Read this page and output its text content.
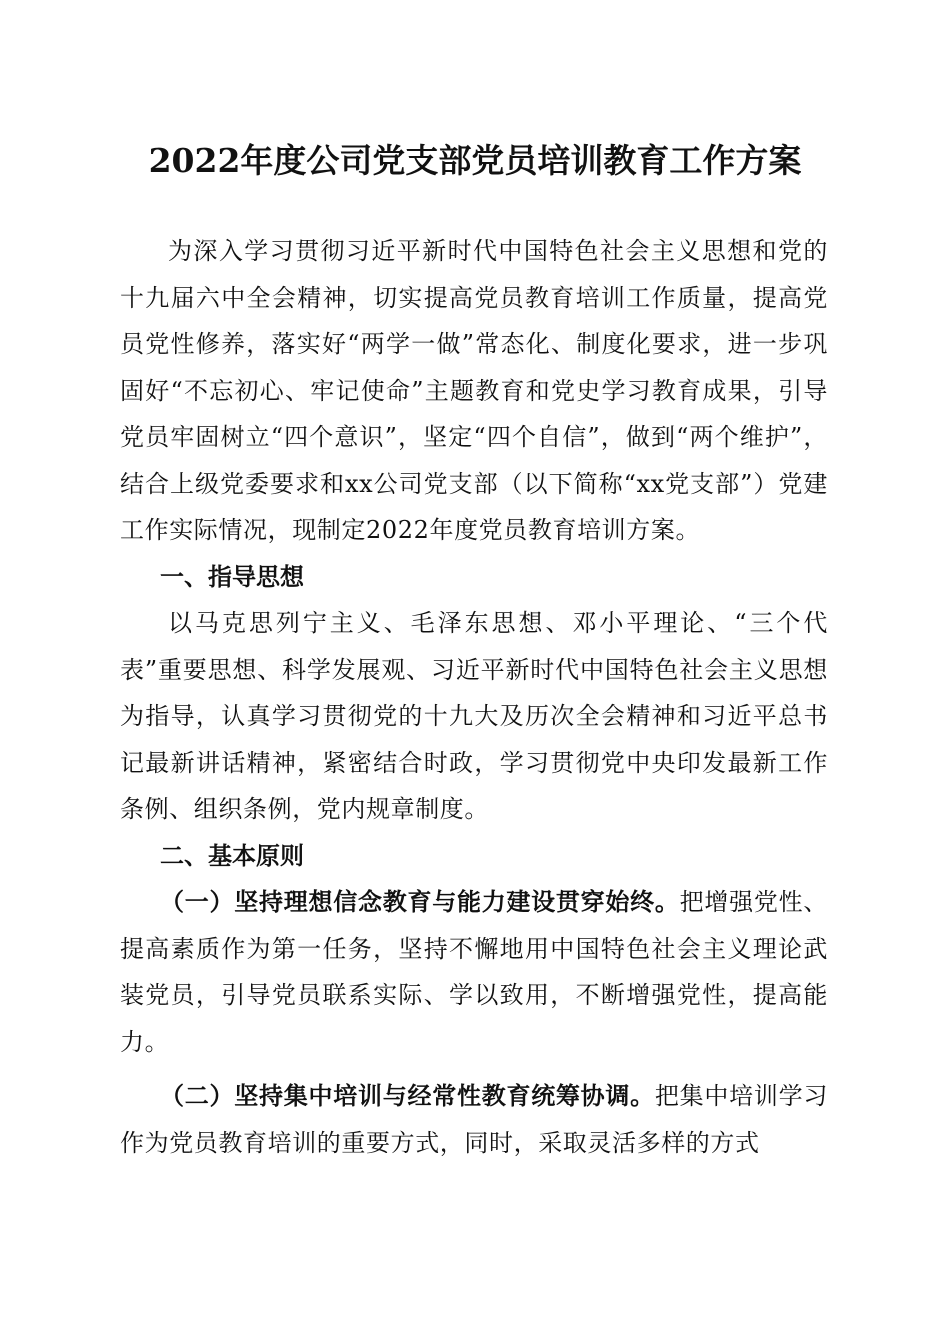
2022年度公司党支部党员培训教育工作方案

为深入学习贯彻习近平新时代中国特色社会主义思想和党的十九届六中全会精神，切实提高党员教育培训工作质量，提高党员党性修养，落实好“两学一做”常态化、制度化要求，进一步巩固好“不忘初心、牢记使命”主题教育和党史学习教育成果，引导党员牢固树立“四个意识”，坚定“四个自信”，做到“两个维护”，结合上级党委要求和xx公司党支部（以下简称“xx党支部”）党建工作实际情况，现制定2022年度党员教育培训方案。

一、指导思想

以马克思列宁主义、毛泽东思想、邓小平理论、“三个代表”重要思想、科学发展观、习近平新时代中国特色社会主义思想为指导，认真学习贯彻党的十九大及历次全会精神和习近平总书记最新讲话精神，紧密结合时政，学习贯彻党中央印发最新工作条例、组织条例，党内规章制度。

二、基本原则

（一）坚持理想信念教育与能力建设贯穿始终。把增强党性、提高素质作为第一任务，坚持不懈地用中国特色社会主义理论武装党员，引导党员联系实际、学以致用，不断增强党性，提高能力。

（二）坚持集中培训与经常性教育统筹协调。把集中培训学习作为党员教育培训的重要方式，同时，采取灵活多样的方式
